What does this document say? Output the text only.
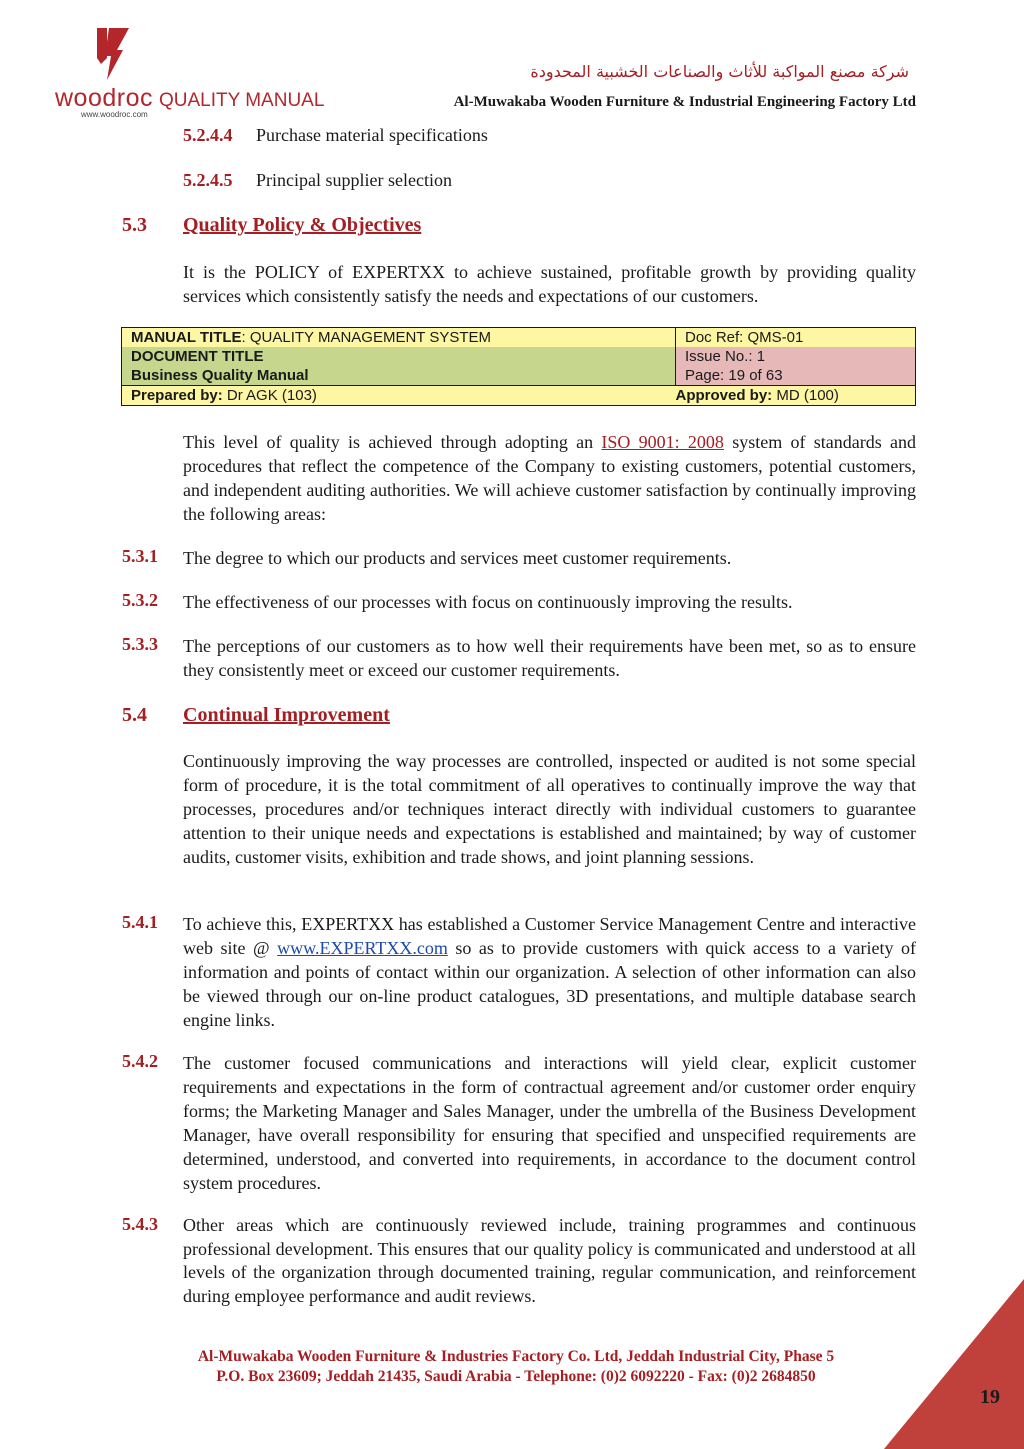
woodroc QUALITY MANUAL
www.woodroc.com
شركة مصنع المواكبة للأثاث والصناعات الخشبية المحدودة
Al-Muwakaba Wooden Furniture & Industrial Engineering Factory Ltd
5.2.4.4 Purchase material specifications
5.2.4.5 Principal supplier selection
5.3 Quality Policy & Objectives
It is the POLICY of EXPERTXX to achieve sustained, profitable growth by providing quality services which consistently satisfy the needs and expectations of our customers.
MANUAL TITLE: QUALITY MANAGEMENT SYSTEM	Doc Ref: QMS-01
DOCUMENT TITLE	Issue No.: 1
Business Quality Manual	Page: 19 of 63
Prepared by: Dr AGK (103)	Approved by: MD (100)
This level of quality is achieved through adopting an ISO 9001: 2008 system of standards and procedures that reflect the competence of the Company to existing customers, potential customers, and independent auditing authorities. We will achieve customer satisfaction by continually improving the following areas:
5.3.1 The degree to which our products and services meet customer requirements.
5.3.2 The effectiveness of our processes with focus on continuously improving the results.
5.3.3 The perceptions of our customers as to how well their requirements have been met, so as to ensure they consistently meet or exceed our customer requirements.
5.4 Continual Improvement
Continuously improving the way processes are controlled, inspected or audited is not some special form of procedure, it is the total commitment of all operatives to continually improve the way that processes, procedures and/or techniques interact directly with individual customers to guarantee attention to their unique needs and expectations is established and maintained; by way of customer audits, customer visits, exhibition and trade shows, and joint planning sessions.
5.4.1 To achieve this, EXPERTXX has established a Customer Service Management Centre and interactive web site @ www.EXPERTXX.com so as to provide customers with quick access to a variety of information and points of contact within our organization. A selection of other information can also be viewed through our on-line product catalogues, 3D presentations, and multiple database search engine links.
5.4.2 The customer focused communications and interactions will yield clear, explicit customer requirements and expectations in the form of contractual agreement and/or customer order enquiry forms; the Marketing Manager and Sales Manager, under the umbrella of the Business Development Manager, have overall responsibility for ensuring that specified and unspecified requirements are determined, understood, and converted into requirements, in accordance to the document control system procedures.
5.4.3 Other areas which are continuously reviewed include, training programmes and continuous professional development. This ensures that our quality policy is communicated and understood at all levels of the organization through documented training, regular communication, and reinforcement during employee performance and audit reviews.
Al-Muwakaba Wooden Furniture & Industries Factory Co. Ltd, Jeddah Industrial City, Phase 5
P.O. Box 23609; Jeddah 21435, Saudi Arabia - Telephone: (0)2 6092220 - Fax: (0)2 2684850
19
